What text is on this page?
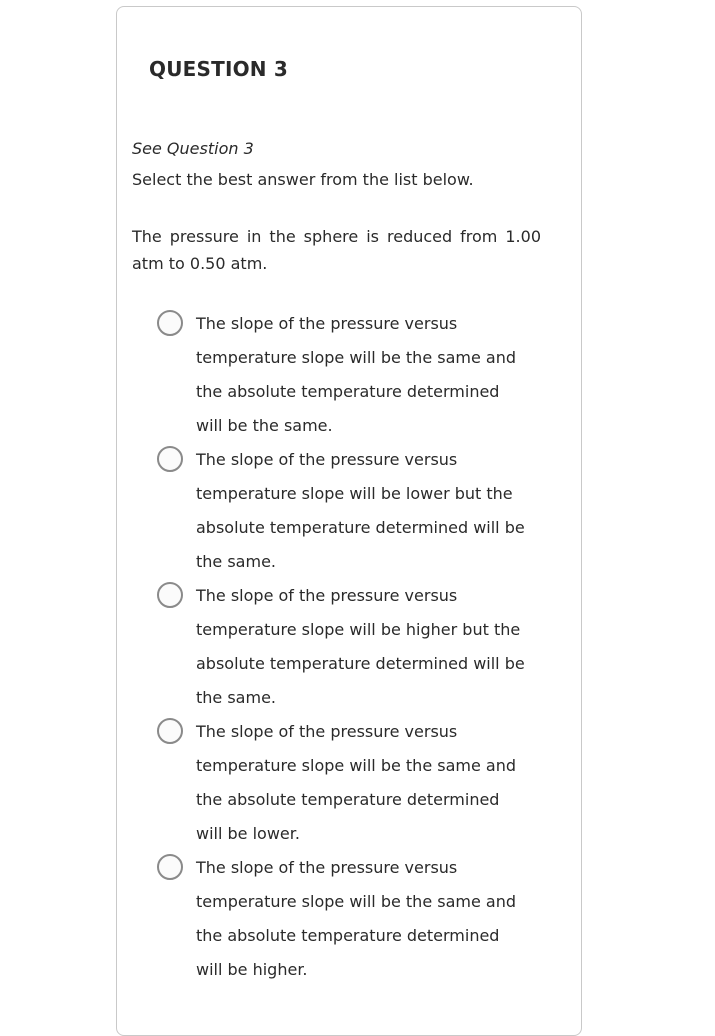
QUESTION 3
See Question 3
Select the best answer from the list below.
The pressure in the sphere is reduced from 1.00 atm to 0.50 atm.
The slope of the pressure versus temperature slope will be the same and the absolute temperature determined will be the same.
The slope of the pressure versus temperature slope will be lower but the absolute temperature determined will be the same.
The slope of the pressure versus temperature slope will be higher but the absolute temperature determined will be the same.
The slope of the pressure versus temperature slope will be the same and the absolute temperature determined will be lower.
The slope of the pressure versus temperature slope will be the same and the absolute temperature determined will be higher.
